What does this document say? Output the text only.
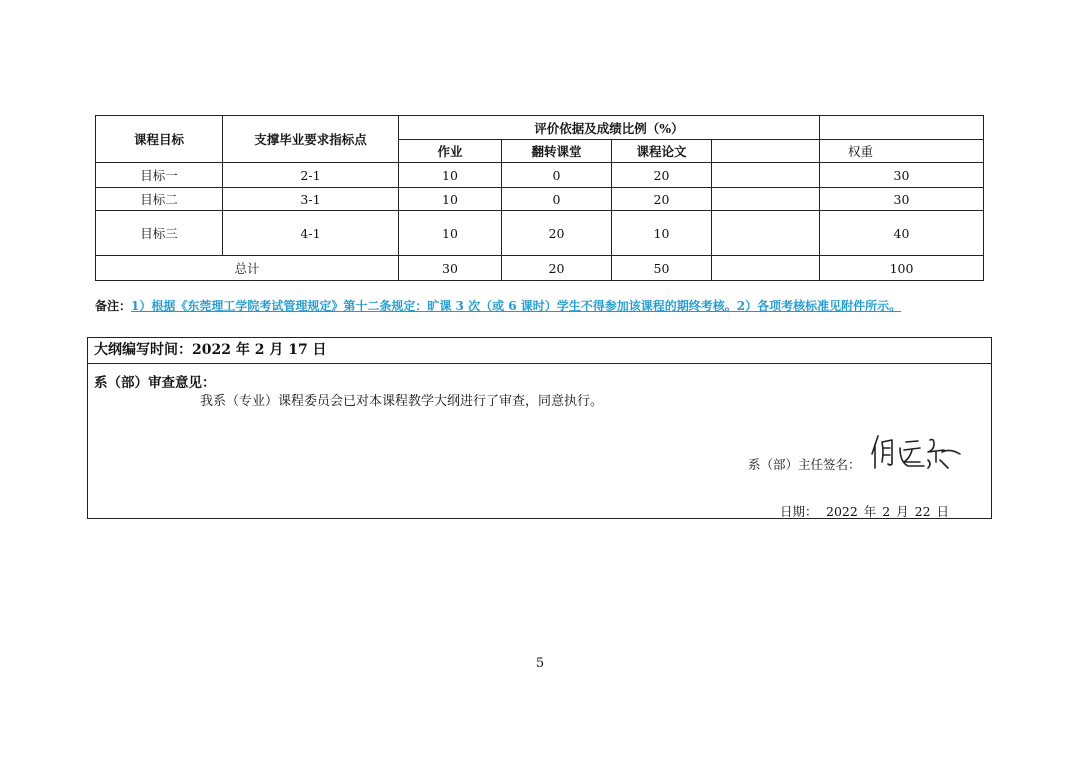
课程目标	支撑毕业要求指标点	评价依据及成绩比例（%）				
		作业	翻转课堂	课程论文		权重
目标一	2-1	10	0	20		30
目标二	3-1	10	0	20		30
目标三	4-1	10	20	10		40
总计		30	20	50		100
备注：1）根据《东莞理工学院考试管理规定》第十二条规定：旷课 3 次（或 6 课时）学生不得参加该课程的期终考核。2）各项考核标准见附件所示。
大纲编写时间：2022 年 2 月 17 日
系（部）审查意见：
我系（专业）课程委员会已对本课程教学大纲进行了审查，同意执行。
系（部）主任签名：
日期： 2022 年 2 月 22 日
5
